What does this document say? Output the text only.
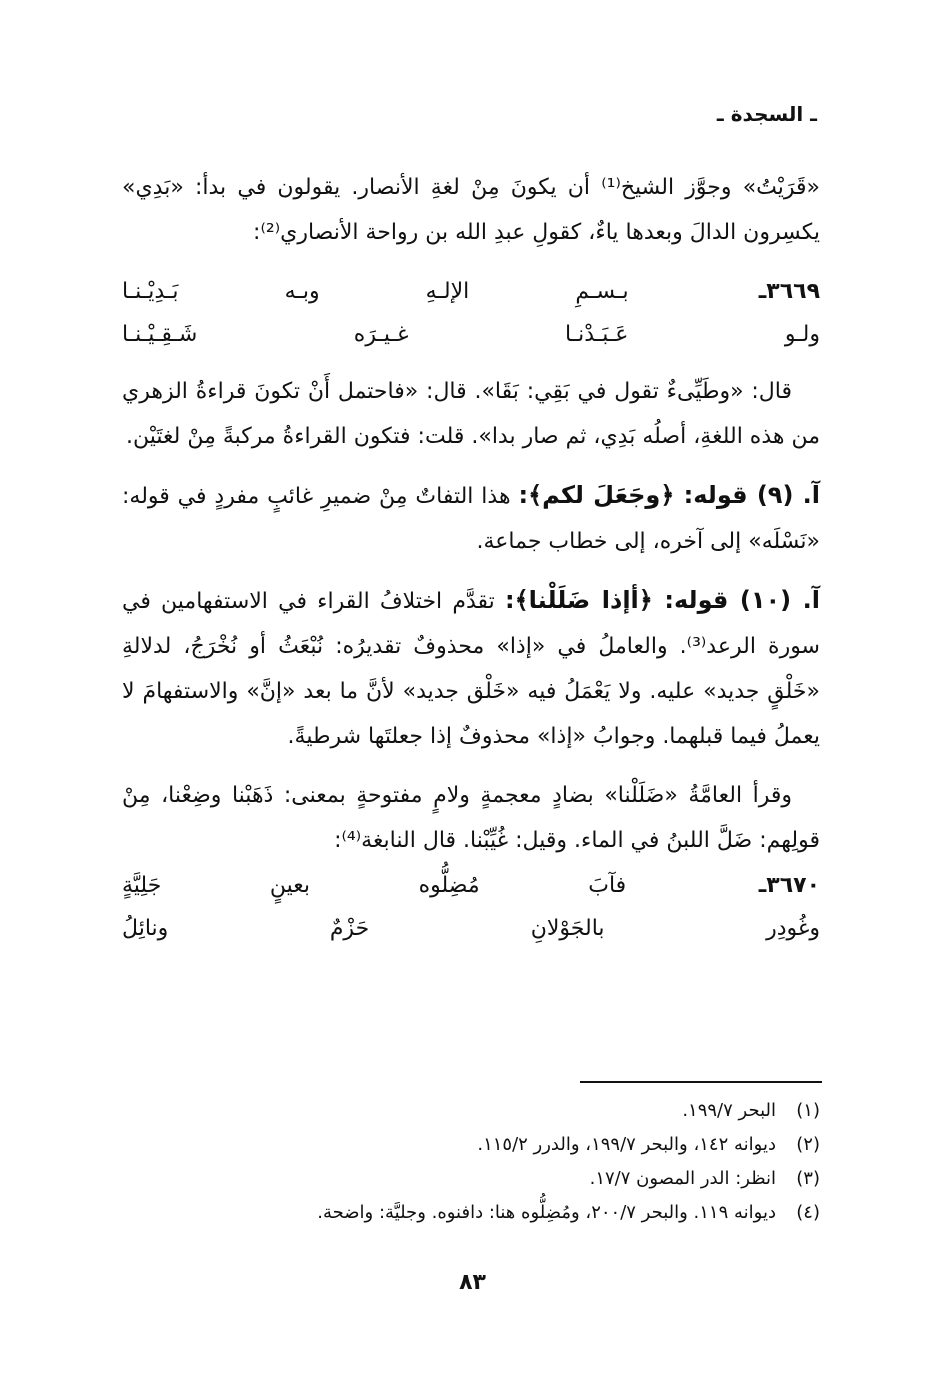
ـ السجدة ـ

«قَرَيْتُ» وجوَّز الشيخ⁽¹⁾ أن يكونَ مِنْ لغةِ الأنصار. يقولون في بدأ: «بَدِي» يكسِرون الدالَ وبعدها ياءٌ، كقولِ عبدِ الله بن رواحة الأنصاري⁽²⁾:

٣٦٦٩ـ
بـسـمِ
الإلـهِ
وبـه
بَـدِيْـنـا
ولـو
عَـبَـدْنـا
غـيـرَه
شَـقِـيْـنـا

قال: «وطَيِّىءٌ تقول في بَقِي: بَقَا». قال: «فاحتمل أَنْ تكونَ قراءةُ الزهري من هذه اللغةِ، أصلُه بَدِي، ثم صار بدا». قلت: فتكون القراءةُ مركبةً مِنْ لغتَيْن.

آ. (٩) قوله: ﴿وجَعَلَ لكم﴾: هذا التفاتٌ مِنْ ضميرِ غائبٍ مفردٍ في قوله: «نَسْلَه» إلى آخره، إلى خطاب جماعة.

آ. (١٠) قوله: ﴿أإذا ضَلَلْنا﴾: تقدَّم اختلافُ القراء في الاستفهامين في سورة الرعد⁽³⁾. والعاملُ في «إذا» محذوفٌ تقديرُه: نُبْعَثُ أو نُخْرَجُ، لدلالةِ «خَلْقٍ جديد» عليه. ولا يَعْمَلُ فيه «خَلْق جديد» لأنَّ ما بعد «إنَّ» والاستفهامَ لا يعملُ فيما قبلهما. وجوابُ «إذا» محذوفٌ إذا جعلتَها شرطيةً.

وقرأ العامَّةُ «ضَلَلْنا» بضادٍ معجمةٍ ولامٍ مفتوحةٍ بمعنى: ذَهَبْنا وضِعْنا، مِنْ قولِهم: ضَلَّ اللبنُ في الماء. وقيل: غُيِّبْنا. قال النابغة⁽⁴⁾:

٣٦٧٠ـ
فآبَ
مُضِلُّوه
بعينٍ
جَلِيَّةٍ
وغُودِر
بالجَوْلانِ
حَزْمٌ
ونائِلُ
(١)
البحر ١٩٩/٧.
(٢)
ديوانه ١٤٢، والبحر ١٩٩/٧، والدرر ١١٥/٢.
(٣)
انظر: الدر المصون ١٧/٧.
(٤)
ديوانه ١١٩. والبحر ٢٠٠/٧، ومُضِلُّوه هنا: دافنوه. وجليَّة: واضحة.
٨٣
